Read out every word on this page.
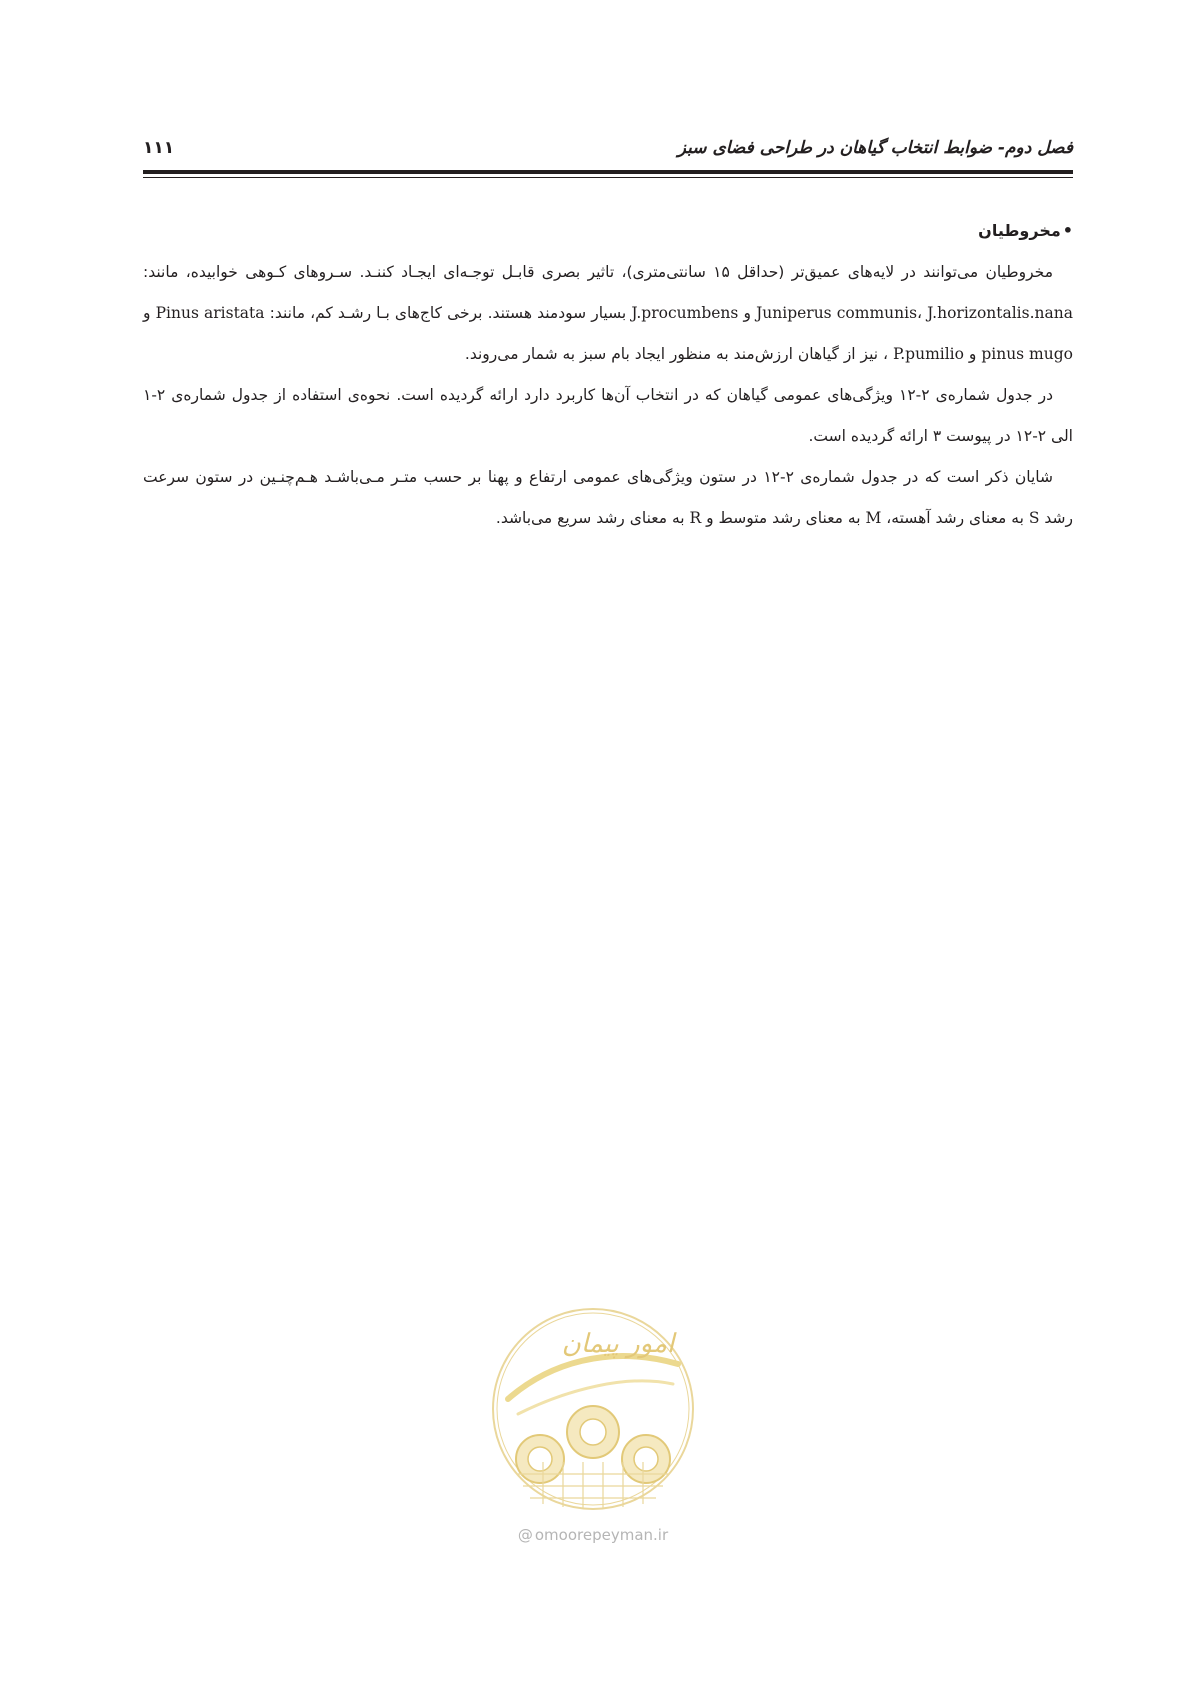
فصل دوم- ضوابط انتخاب گیاهان در طراحی فضای سبز
۱۱۱
•مخروطیان

مخروطیان می‌توانند در لایه‌های عمیق‌تر (حداقل ۱۵ سانتی‌متری)، تاثیر بصری قابـل توجـه‌ای ایجـاد کننـد. سـروهای کـوهی خوابیده، مانند: Juniperus communis، J.horizontalis.nana و J.procumbens بسیار سودمند هستند. برخی کاج‌های بـا رشـد کم، مانند: Pinus aristata و pinus mugo و P.pumilio ، نیز از گیاهان ارزش‌مند به منظور ایجاد بام سبز به شمار می‌روند.

در جدول شماره‌ی ۲-۱۲ ویژگی‌های عمومی گیاهان که در انتخاب آن‌ها کاربرد دارد ارائه گردیده است. نحوه‌ی استفاده از جدول شماره‌ی ۲-۱ الی ۲-۱۲ در پیوست ۳ ارائه گردیده است.

شایان ذکر است که در جدول شماره‌ی ۲-۱۲ در ستون ویژگی‌های عمومی ارتفاع و پهنا بر حسب متـر مـی‌باشـد هـم‌چنـین در ستون سرعت رشد S به معنای رشد آهسته، M به معنای رشد متوسط و R به معنای رشد سریع می‌باشد.

امور پیمان
@ omoorepeyman.ir
